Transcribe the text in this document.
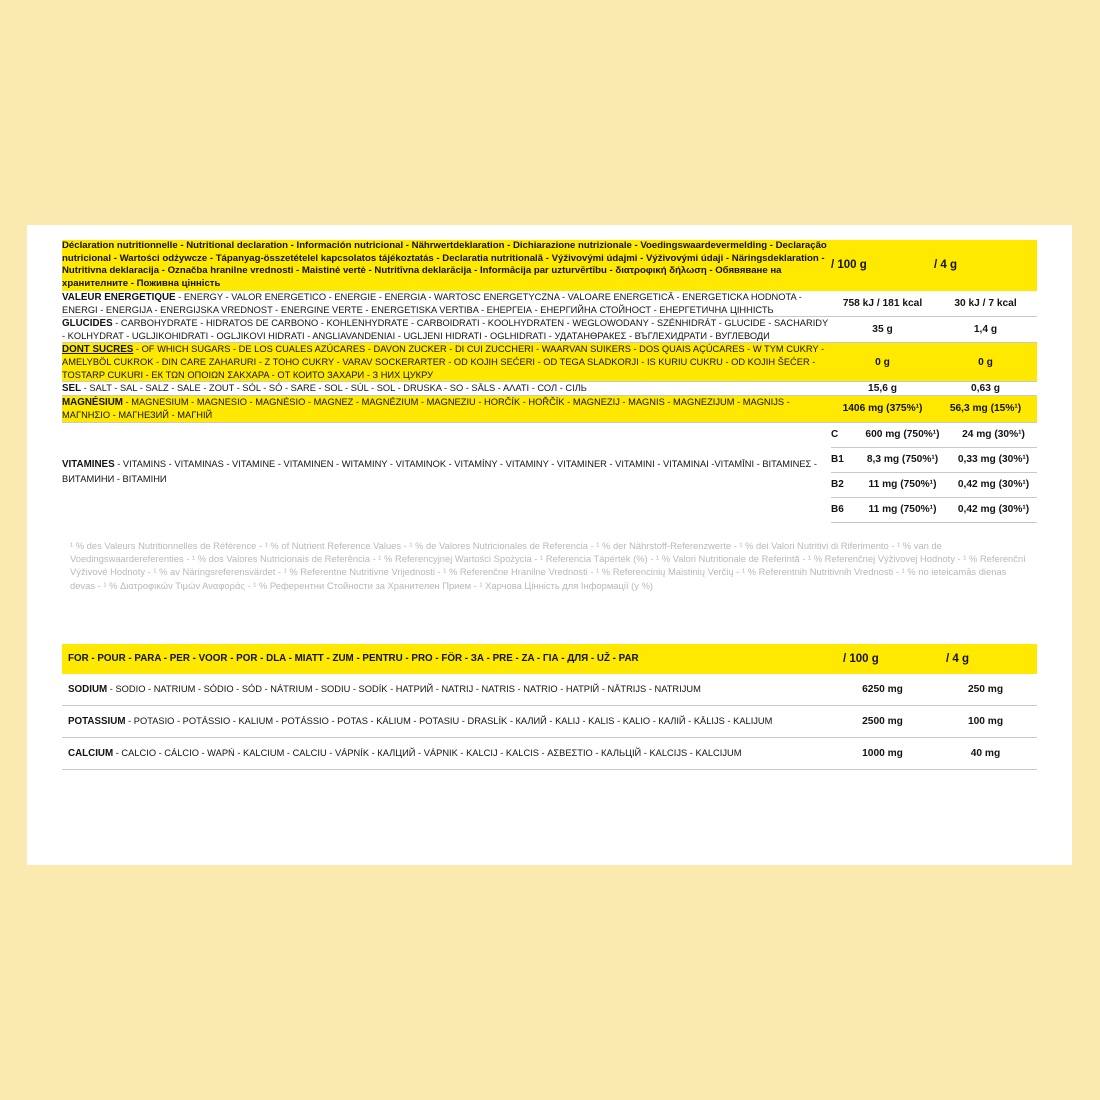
Déclaration nutritionnelle - Nutritional declaration - Información nutricional - Nährwertdeklaration - Dichiarazione nutrizionale - Voedingswaardevermelding - Declaração nutricional - Wartości odżywcze - Tápanyag-összetételel kapcsolatos tájékoztatás - Declaratia nutritionalã - Výživovými údajmi - Výživovými údaji - Näringsdeklaration - Nutritivna deklaracija - Označba hranilne vrednosti - Maistinė vertė - Nutritīvna deklarācija - Informācija par uzturvērtību - διατροφική δήλωση - Обявяване на хранителните - Поживна цінність	/ 100 g	/ 4 g
VALEUR ENERGETIQUE - ENERGY - VALOR ENERGETICO - ENERGIE - ENERGIA - WARTOSC ENERGETYCZNA - VALOARE ENERGETICĂ - ENERGETICKA HODNOTA - ENERGI - ENERGIJA - ENERGIJSKA VREDNOST - ENERGINE VERTE - ENERGETISKA VERTIBA - ЕНЕРГЕІА - ЕНЕРГИЙНА СТОЙНОСТ - ЕНЕРГЕТИЧНА ЦІННІСТЬ	758 kJ / 181 kcal	30 kJ / 7 kcal
GLUCIDES - CARBOHYDRATE - HIDRATOS DE CARBONO - KOHLENHYDRATE - CARBOIDRATI - KOOLHYDRATEN - WEGLOWODANY - SZÉNHIDRÁT - GLUCIDE - SACHARIDY - KOLHYDRAT - UGLJIKOHIDRATI - OGLJIKOVI HIDRATI - ANGLIAVANDENIAI - UGLJENI HIDRATI - OGLHIDRATI - УДАТАНӨРАКЕΣ - ВЪГЛЕХИДРАТИ - ВУГЛЕВОДИ	35 g	1,4 g
DONT SUCRES - OF WHICH SUGARS - DE LOS CUALES AZÚCARES - DAVON ZUCKER - DI CUI ZUCCHERI - WAARVAN SUIKERS - DOS QUAIS AÇÚCARES - W TYM CUKRY - AMELYBÖL CUKROK - DIN CARE ZAHARURI - Z TOHO CUKRY - VARAV SOCKERARTER - OD KOJIH SEĆERI - OD TEGA SLADKORJI - IS KURIU CUKRU - OD KOJIH ŠEĆER - TOSTARP CUKURI - ЕК ΤΩΝ ΟΠΟΙΩΝ ΣΑΚΧΑΡΑ - ОТ КОИТО ЗАХАРИ - З НИХ ЦУКРУ	0 g	0 g
SEL - SALT - SAL - SALZ - SALE - ZOUT - SÓL - SÓ - SARE - SOL - SÚL - SOL - DRUSKA - SO - SĀLS - AΛATI - СОЛ - СІЛЬ	15,6 g	0,63 g
MAGNÉSIUM - MAGNESIUM - MAGNESIO - MAGNÉSIO - MAGNEZ - MAGNÉZIUM - MAGNEZIU - HORČÍK - HOŘČÍK - MAGNEZIJ - MAGNIS - MAGNEZIJUM - MAGNIJS - ΜΑΓΝΗΣΙΟ - МАГНЕЗИЙ - МАГНІЙ	1406 mg (375%¹)	56,3 mg (15%¹)
VITAMINES - VITAMINS - VITAMINAS - VITAMINE - VITAMINEN - WITAMINY - VITAMINOK - VITAMÍNY - VITAMINY - VITAMINER - VITAMINI - VITAMINAI -VITAMĪNI - ΒΙΤΑΜΙΝΕΣ - ВИТАМИНИ - ВІТАМІНИ	C	600 mg (750%¹)	24 mg (30%¹)
	B1	8,3 mg (750%¹)	0,33 mg (30%¹)
	B2	11 mg (750%¹)	0,42 mg (30%¹)
	B6	11 mg (750%¹)	0,42 mg (30%¹)
¹ % des Valeurs Nutritionnelles de Référence - ¹ % of Nutrient Reference Values - ¹ % de Valores Nutricionales de Referencia - ¹ % der Nährstoff-Referenzwerte - ¹ % dei Valori Nutritivi di Riferimento - ¹ % van de Voedingswaardereferenties - ¹ % dos Valores Nutricionais de Referência - ¹ % Referencyjnej Wartości Spożycia - ¹ Referencia Tápérték (%) - ¹ % Valori Nutritionale de Referintă - ¹ % Referenčnej Výživovej Hodnoty - ¹ % Referenční Výživové Hodnoty - ¹ % av Näringsreferensvärdet - ¹ % Referentne Nutritivne Vrijednosti - ¹ % Referenčne Hranilne Vrednosti - ¹ % Referencinių Maistinių Verčių - ¹ % Referentnih Nutritivnih Vrednosti - ¹ % no ieteicamās dienas devas - ¹ % Διατροφικών Τιμών Αναφοράς - ¹ % Референтни Стойности за Хранителен Прием - ¹ Харчова Цінність для Інформації (у %)
FOR - POUR - PARA - PER - VOOR - POR - DLA - MIATT - ZUM - PENTRU - PRO - FÖR - ЗА - PRE - ZA - ΓΙΑ - ДЛЯ - UŽ - PAR	/ 100 g	/ 4 g
SODIUM - SODIO - NATRIUM - SÓDIO - SÓD - NÁTRIUM - SODIU - SODÍK - НАТРИЙ - NATRIJ - NATRIS - NATRIO - НАТРІЙ - NĀTRIJS - NATRIJUM	6250 mg	250 mg
POTASSIUM - POTASIO - POTÁSSIO - KALIUM - POTÁSSIO - POTAS - KÁLIUM - POTASIU - DRASLÍK - КАЛИЙ - KALIJ - KALIS - KALIO - КАЛІЙ - KĀLIJS - KALIJUM	2500 mg	100 mg
CALCIUM - CALCIO - CÁLCIO - WAPŃ - KALCIUM - CALCIU - VÁPNÍK - КАЛЦИЙ - VÁPNIK - KALCIJ - KALCIS - ΑΣΒΕΣΤΙΟ - КАЛЬЦІЙ - KALCIJS - KALCIJUM	1000 mg	40 mg
